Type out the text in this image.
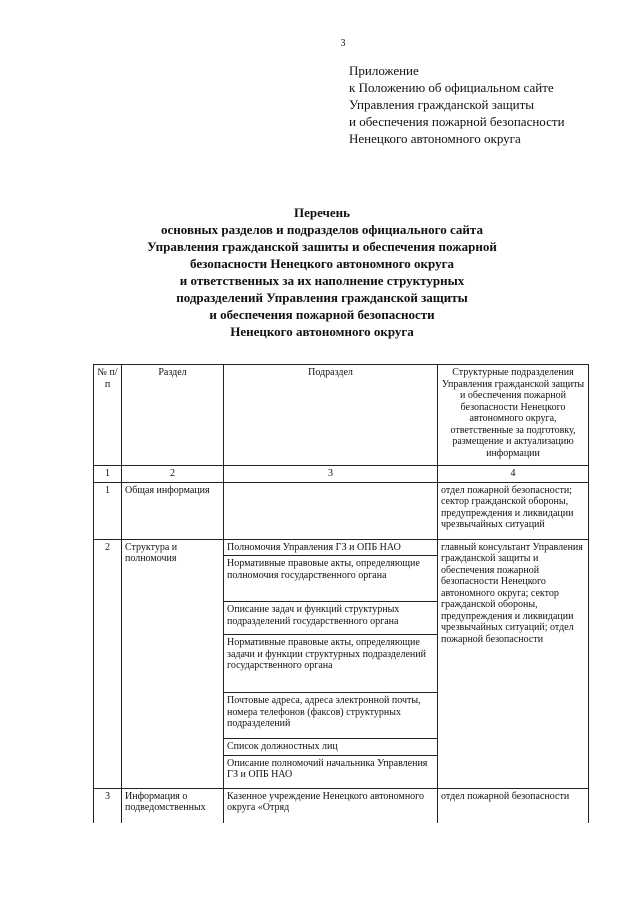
3
Приложение
к Положению об официальном сайте
Управления гражданской защиты
и обеспечения пожарной безопасности
Ненецкого автономного округа
Перечень
основных разделов и подразделов официального сайта
Управления гражданской зашиты и обеспечения пожарной
безопасности Ненецкого автономного округа
и ответственных за их наполнение структурных
подразделений Управления гражданской защиты
и обеспечения пожарной безопасности
Ненецкого автономного округа
№ п/п	Раздел	Подраздел	Структурные подразделения Управления гражданской защиты и обеспечения пожарной безопасности Ненецкого автономного округа, ответственные за подготовку, размещение и актуализацию информации
1	2	3	4
1	Общая информация		отдел пожарной безопасности; сектор гражданской обороны, предупреждения и ликвидации чрезвычайных ситуаций
2	Структура и полномочия	Полномочия Управления ГЗ и ОПБ НАО	главный консультант Управления гражданской защиты и обеспечения пожарной безопасности Ненецкого автономного округа; сектор гражданской обороны, предупреждения и ликвидации чрезвычайных ситуаций; отдел пожарной безопасности
		Нормативные правовые акты, определяющие полномочия государственного органа	
		Описание задач и функций структурных подразделений государственного органа	
		Нормативные правовые акты, определяющие задачи и функции структурных подразделений государственного органа	
		Почтовые адреса, адреса электронной почты, номера телефонов (факсов) структурных подразделений	
		Список должностных лиц	
		Описание полномочий начальника Управления ГЗ и ОПБ НАО	
3	Информация о подведомственных	Казенное учреждение Ненецкого автономного округа «Отряд	отдел пожарной безопасности
